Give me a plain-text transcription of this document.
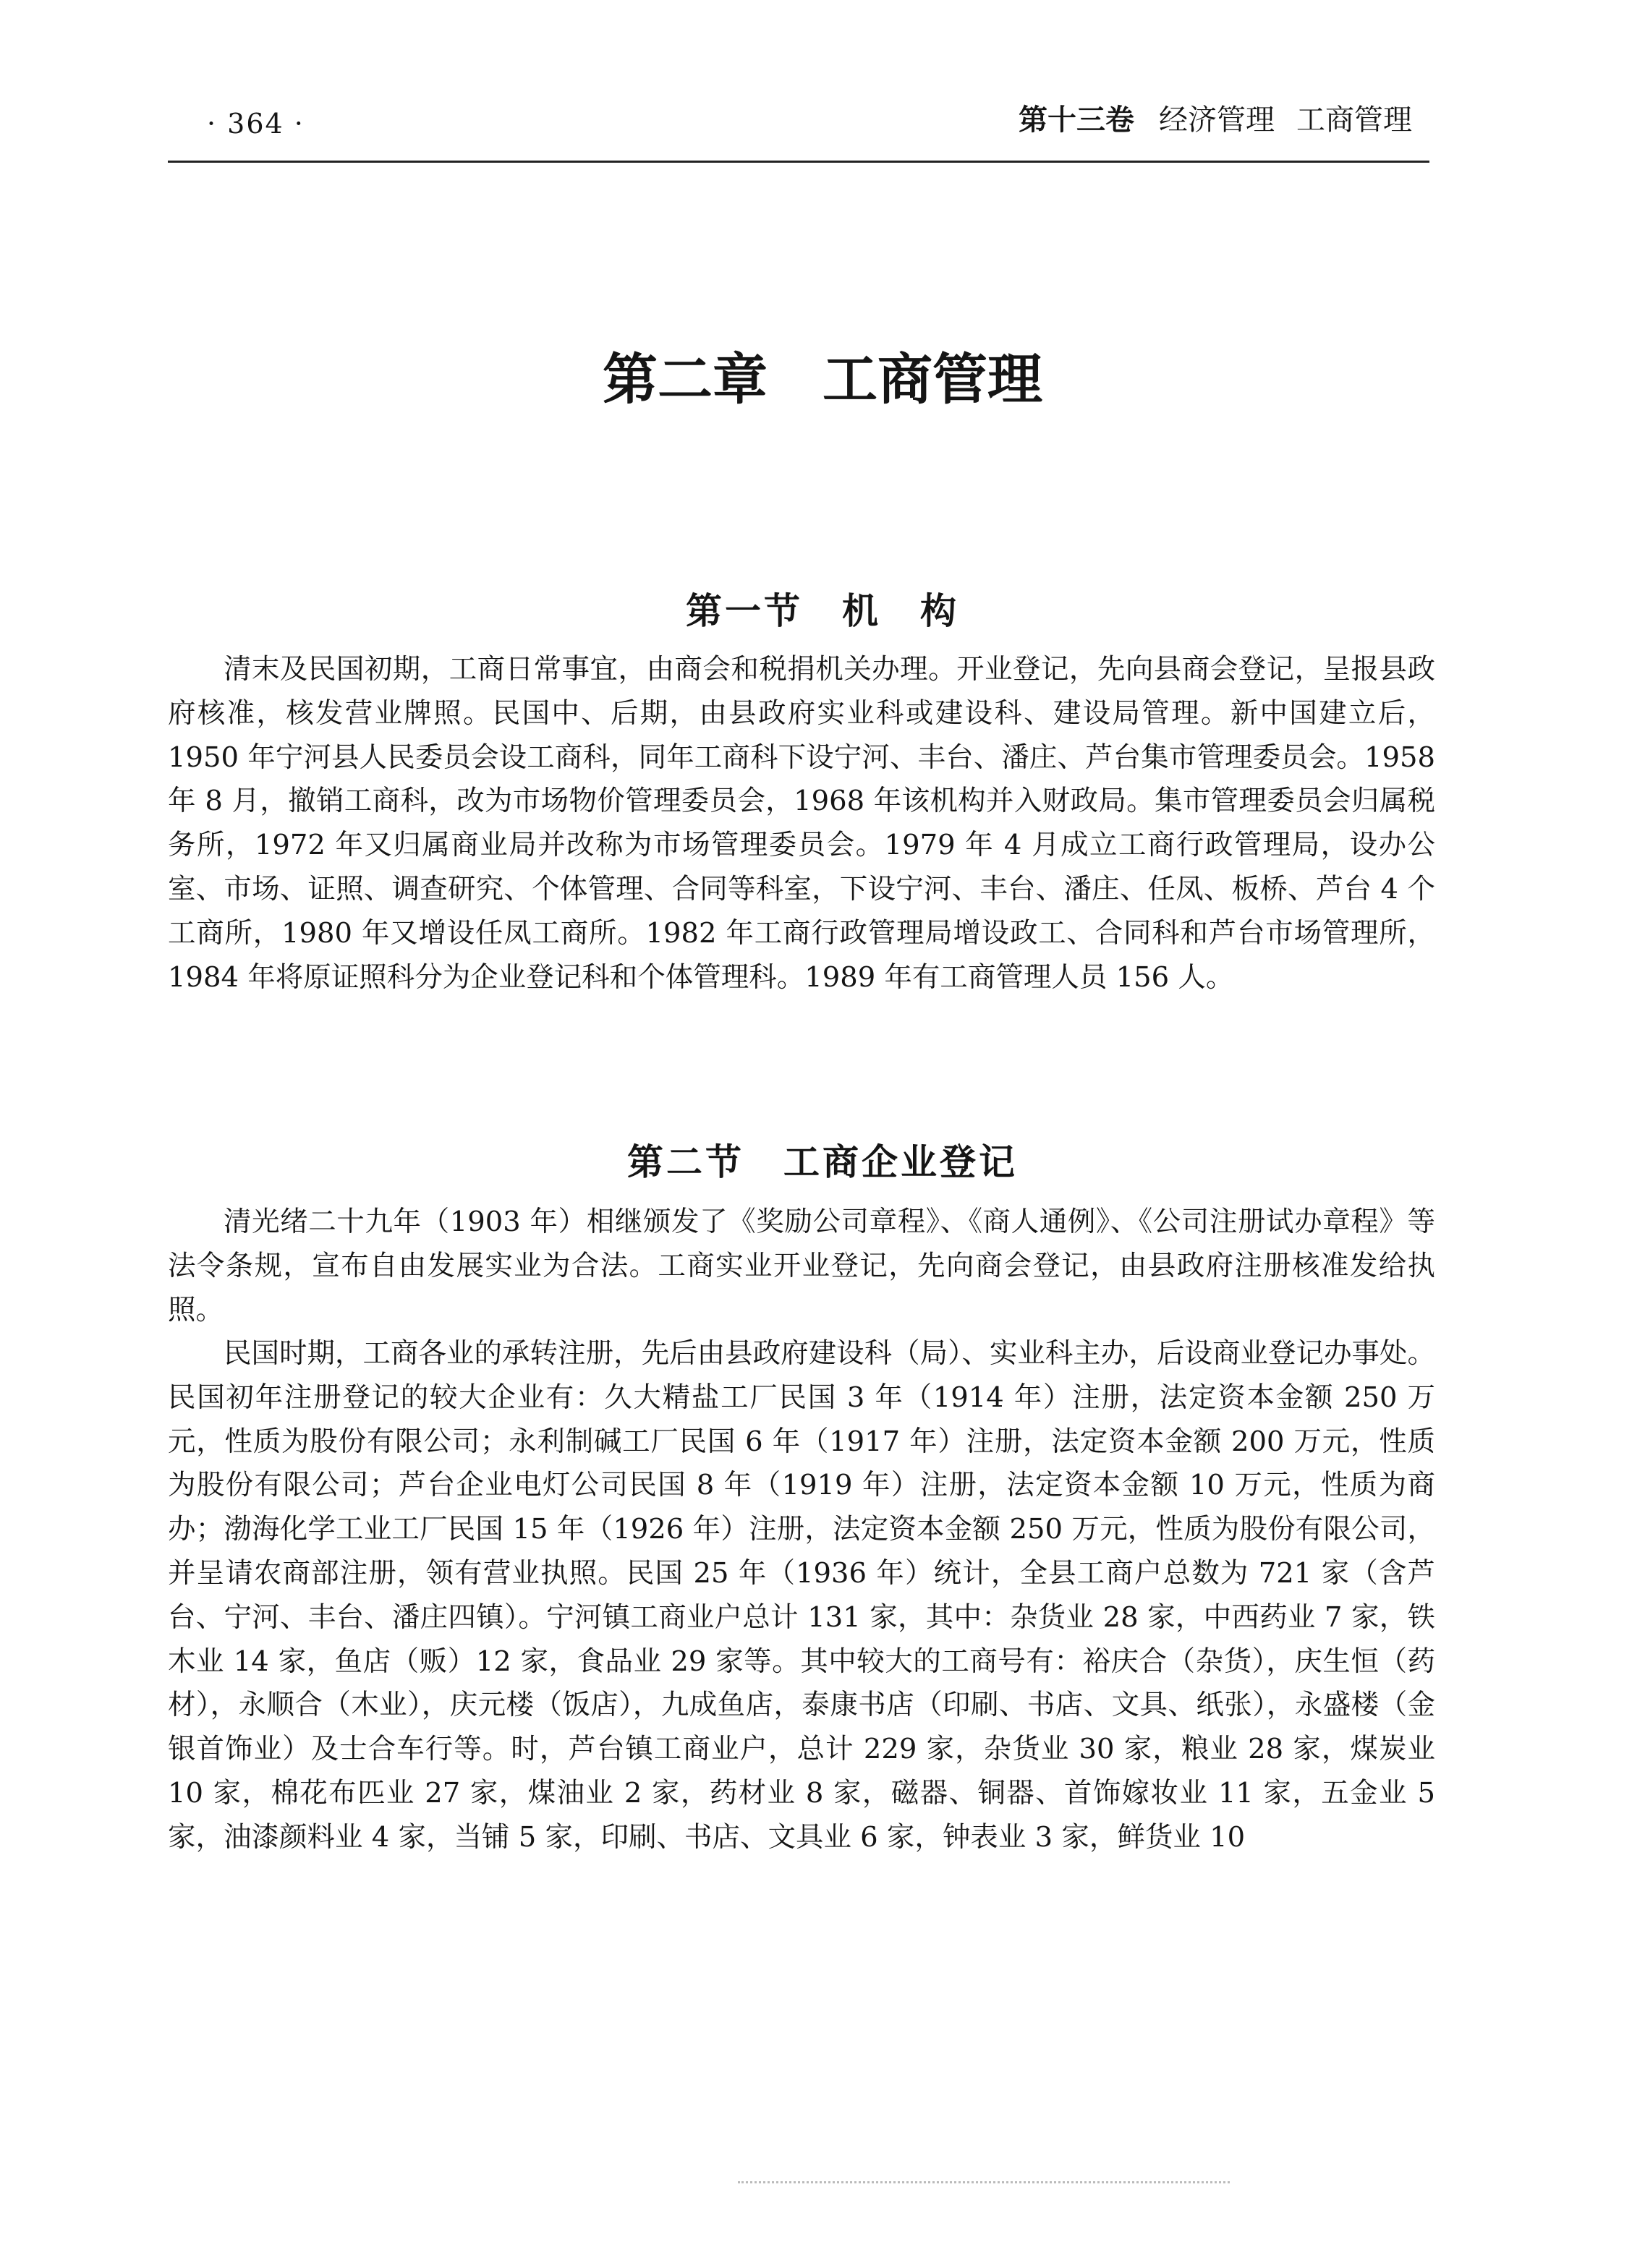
· 364 ·	第十三卷 经济管理 工商管理
第二章　工商管理
第一节　机　构

清末及民国初期，工商日常事宜，由商会和税捐机关办理。开业登记，先向县商会登记，呈报县政府核准，核发营业牌照。民国中、后期，由县政府实业科或建设科、建设局管理。新中国建立后，1950 年宁河县人民委员会设工商科，同年工商科下设宁河、丰台、潘庄、芦台集市管理委员会。1958 年 8 月，撤销工商科，改为市场物价管理委员会，1968 年该机构并入财政局。集市管理委员会归属税务所，1972 年又归属商业局并改称为市场管理委员会。1979 年 4 月成立工商行政管理局，设办公室、市场、证照、调查研究、个体管理、合同等科室，下设宁河、丰台、潘庄、任凤、板桥、芦台 4 个工商所，1980 年又增设任凤工商所。1982 年工商行政管理局增设政工、合同科和芦台市场管理所，1984 年将原证照科分为企业登记科和个体管理科。1989 年有工商管理人员 156 人。

第二节　工商企业登记

清光绪二十九年（1903 年）相继颁发了《奖励公司章程》、《商人通例》、《公司注册试办章程》等法令条规，宣布自由发展实业为合法。工商实业开业登记，先向商会登记，由县政府注册核准发给执照。

民国时期，工商各业的承转注册，先后由县政府建设科（局）、实业科主办，后设商业登记办事处。民国初年注册登记的较大企业有：久大精盐工厂民国 3 年（1914 年）注册，法定资本金额 250 万元，性质为股份有限公司；永利制碱工厂民国 6 年（1917 年）注册，法定资本金额 200 万元，性质为股份有限公司；芦台企业电灯公司民国 8 年（1919 年）注册，法定资本金额 10 万元，性质为商办；渤海化学工业工厂民国 15 年（1926 年）注册，法定资本金额 250 万元，性质为股份有限公司，并呈请农商部注册，领有营业执照。民国 25 年（1936 年）统计，全县工商户总数为 721 家（含芦台、宁河、丰台、潘庄四镇）。宁河镇工商业户总计 131 家，其中：杂货业 28 家，中西药业 7 家，铁木业 14 家，鱼店（贩）12 家，食品业 29 家等。其中较大的工商号有：裕庆合（杂货），庆生恒（药材），永顺合（木业），庆元楼（饭店），九成鱼店，泰康书店（印刷、书店、文具、纸张），永盛楼（金银首饰业）及士合车行等。时，芦台镇工商业户，总计 229 家，杂货业 30 家，粮业 28 家，煤炭业 10 家，棉花布匹业 27 家，煤油业 2 家，药材业 8 家，磁器、铜器、首饰嫁妆业 11 家，五金业 5 家，油漆颜料业 4 家，当铺 5 家，印刷、书店、文具业 6 家，钟表业 3 家，鲜货业 10
